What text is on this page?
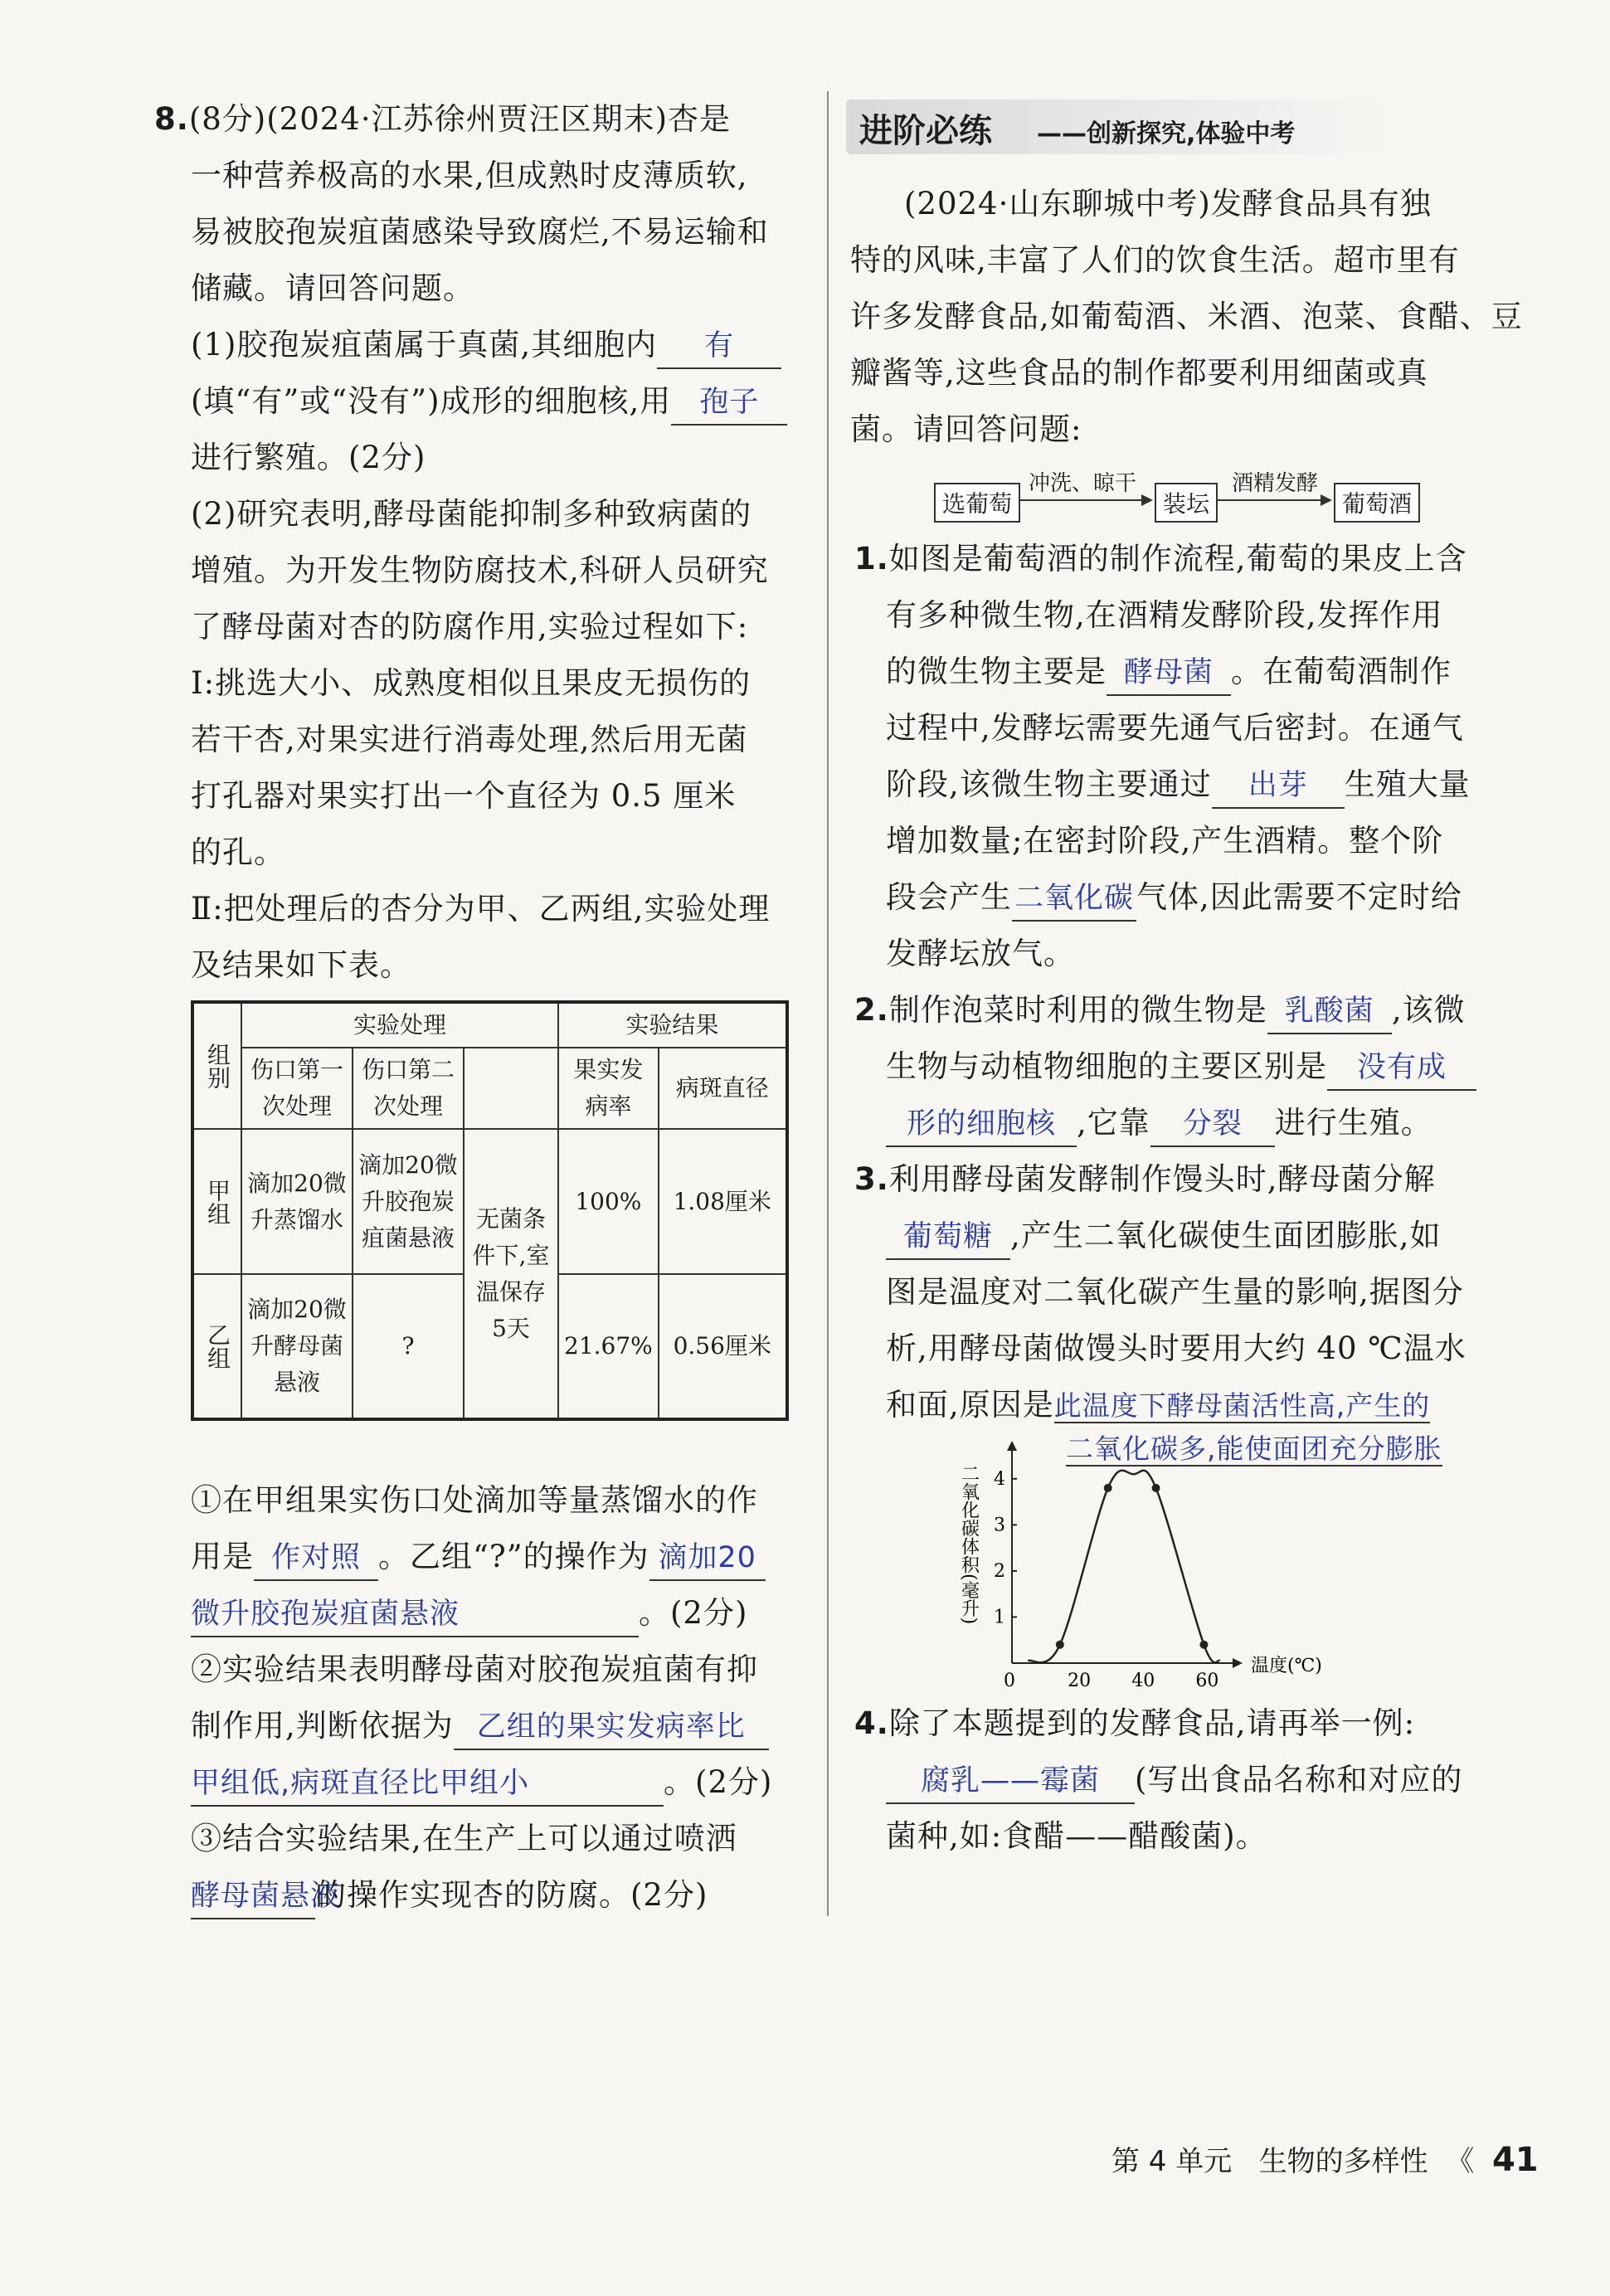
8.(8分)(2024·江苏徐州贾汪区期末)杏是
一种营养极高的水果,但成熟时皮薄质软,
易被胶孢炭疽菌感染导致腐烂,不易运输和
储藏。请回答问题。
(1)胶孢炭疽菌属于真菌,其细胞内 有
(填“有”或“没有”)成形的细胞核,用 孢子
进行繁殖。(2分)
(2)研究表明,酵母菌能抑制多种致病菌的
增殖。为开发生物防腐技术,科研人员研究
了酵母菌对杏的防腐作用,实验过程如下:
Ⅰ:挑选大小、成熟度相似且果皮无损伤的
若干杏,对果实进行消毒处理,然后用无菌
打孔器对果实打出一个直径为 0.5 厘米
的孔。
Ⅱ:把处理后的杏分为甲、乙两组,实验处理
及结果如下表。
组别	实验处理			实验结果	
	伤口第一次处理	伤口第二次处理		果实发病率	病斑直径
甲组	滴加20微升蒸馏水	滴加20微升胶孢炭疽菌悬液	无菌条件下,室温保存5天	100%	1.08厘米
乙组	滴加20微升酵母菌悬液	?		21.67%	0.56厘米
①在甲组果实伤口处滴加等量蒸馏水的作
用是 作对照 。乙组“?”的操作为 滴加20
微升胶孢炭疽菌悬液	。(2分)
②实验结果表明酵母菌对胶孢炭疽菌有抑
制作用,判断依据为 乙组的果实发病率比
甲组低,病斑直径比甲组小	。(2分)
③结合实验结果,在生产上可以通过喷洒
酵母菌悬液的操作实现杏的防腐。(2分)
进阶必练 ——创新探究,体验中考
(2024·山东聊城中考)发酵食品具有独
特的风味,丰富了人们的饮食生活。超市里有
许多发酵食品,如葡萄酒、米酒、泡菜、食醋、豆
瓣酱等,这些食品的制作都要利用细菌或真
菌。请回答问题:
选葡萄
冲洗、晾干
装坛
酒精发酵
葡萄酒
1.如图是葡萄酒的制作流程,葡萄的果皮上含
有多种微生物,在酒精发酵阶段,发挥作用
的微生物主要是 酵母菌 。在葡萄酒制作
过程中,发酵坛需要先通气后密封。在通气
阶段,该微生物主要通过 出芽 生殖大量
增加数量;在密封阶段,产生酒精。整个阶
段会产生二氧化碳气体,因此需要不定时给
发酵坛放气。
2.制作泡菜时利用的微生物是 乳酸菌 ,该微
生物与动植物细胞的主要区别是 没有成
形的细胞核 ,它靠 分裂 进行生殖。
3.利用酵母菌发酵制作馒头时,酵母菌分解
葡萄糖 ,产生二氧化碳使生面团膨胀,如
图是温度对二氧化碳产生量的影响,据图分
析,用酵母菌做馒头时要用大约 40 ℃温水
和面,原因是此温度下酵母菌活性高,产生的
二氧化碳多,能使面团充分膨胀
二氧化碳体积(毫升)
温度(℃)
0	20 40 60
1
2
3
4
4.除了本题提到的发酵食品,请再举一例:
腐乳——霉菌 (写出食品名称和对应的
菌种,如:食醋——醋酸菌)。
第 4 单元 生物的多样性 《 41
